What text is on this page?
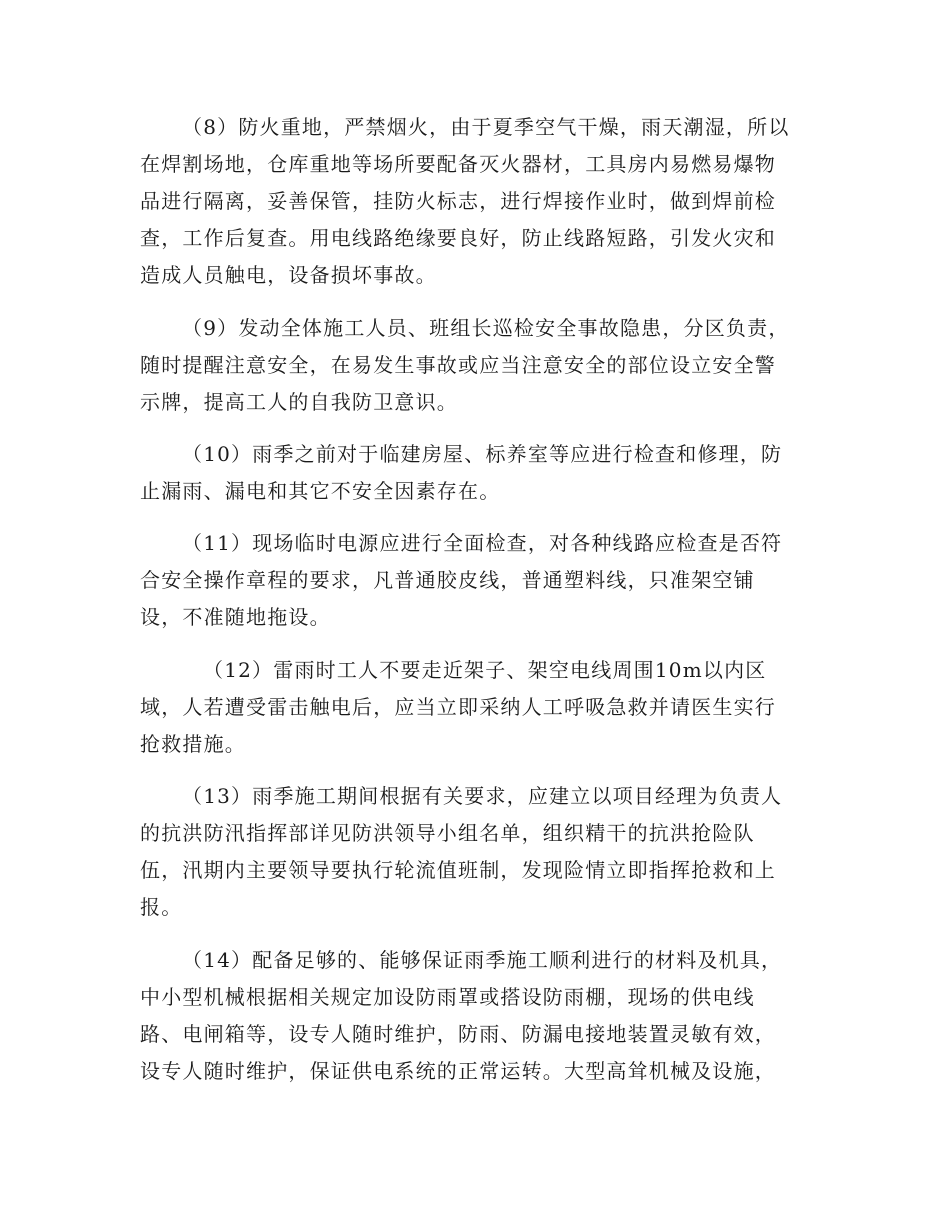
（8）防火重地，严禁烟火，由于夏季空气干燥，雨天潮湿，所以

在焊割场地，仓库重地等场所要配备灭火器材，工具房内易燃易爆物

品进行隔离，妥善保管，挂防火标志，进行焊接作业时，做到焊前检

查，工作后复查。用电线路绝缘要良好，防止线路短路，引发火灾和

造成人员触电，设备损坏事故。

（9）发动全体施工人员、班组长巡检安全事故隐患，分区负责，

随时提醒注意安全，在易发生事故或应当注意安全的部位设立安全警

示牌，提高工人的自我防卫意识。

（10）雨季之前对于临建房屋、标养室等应进行检查和修理，防

止漏雨、漏电和其它不安全因素存在。

（11）现场临时电源应进行全面检查，对各种线路应检查是否符

合安全操作章程的要求，凡普通胶皮线，普通塑料线，只准架空铺

设，不准随地拖设。

（12）雷雨时工人不要走近架子、架空电线周围10m以内区

域，人若遭受雷击触电后，应当立即采纳人工呼吸急救并请医生实行

抢救措施。

（13）雨季施工期间根据有关要求，应建立以项目经理为负责人

的抗洪防汛指挥部详见防洪领导小组名单，组织精干的抗洪抢险队

伍，汛期内主要领导要执行轮流值班制，发现险情立即指挥抢救和上

报。

（14）配备足够的、能够保证雨季施工顺利进行的材料及机具，

中小型机械根据相关规定加设防雨罩或搭设防雨棚，现场的供电线

路、电闸箱等，设专人随时维护，防雨、防漏电接地装置灵敏有效，

设专人随时维护，保证供电系统的正常运转。大型高耸机械及设施，
